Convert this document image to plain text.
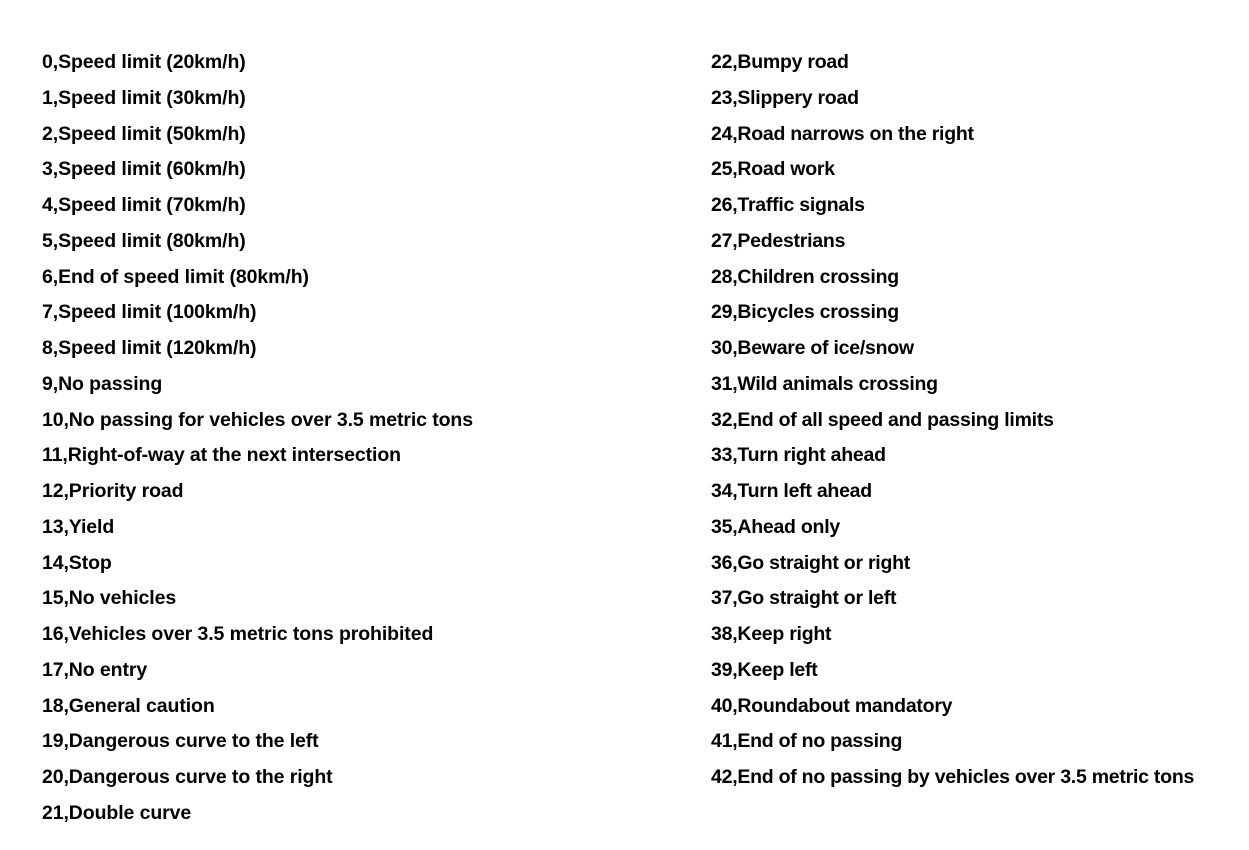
0,Speed limit (20km/h)
1,Speed limit (30km/h)
2,Speed limit (50km/h)
3,Speed limit (60km/h)
4,Speed limit (70km/h)
5,Speed limit (80km/h)
6,End of speed limit (80km/h)
7,Speed limit (100km/h)
8,Speed limit (120km/h)
9,No passing
10,No passing for vehicles over 3.5 metric tons
11,Right-of-way at the next intersection
12,Priority road
13,Yield
14,Stop
15,No vehicles
16,Vehicles over 3.5 metric tons prohibited
17,No entry
18,General caution
19,Dangerous curve to the left
20,Dangerous curve to the right
21,Double curve
22,Bumpy road
23,Slippery road
24,Road narrows on the right
25,Road work
26,Traffic signals
27,Pedestrians
28,Children crossing
29,Bicycles crossing
30,Beware of ice/snow
31,Wild animals crossing
32,End of all speed and passing limits
33,Turn right ahead
34,Turn left ahead
35,Ahead only
36,Go straight or right
37,Go straight or left
38,Keep right
39,Keep left
40,Roundabout mandatory
41,End of no passing
42,End of no passing by vehicles over 3.5 metric tons
